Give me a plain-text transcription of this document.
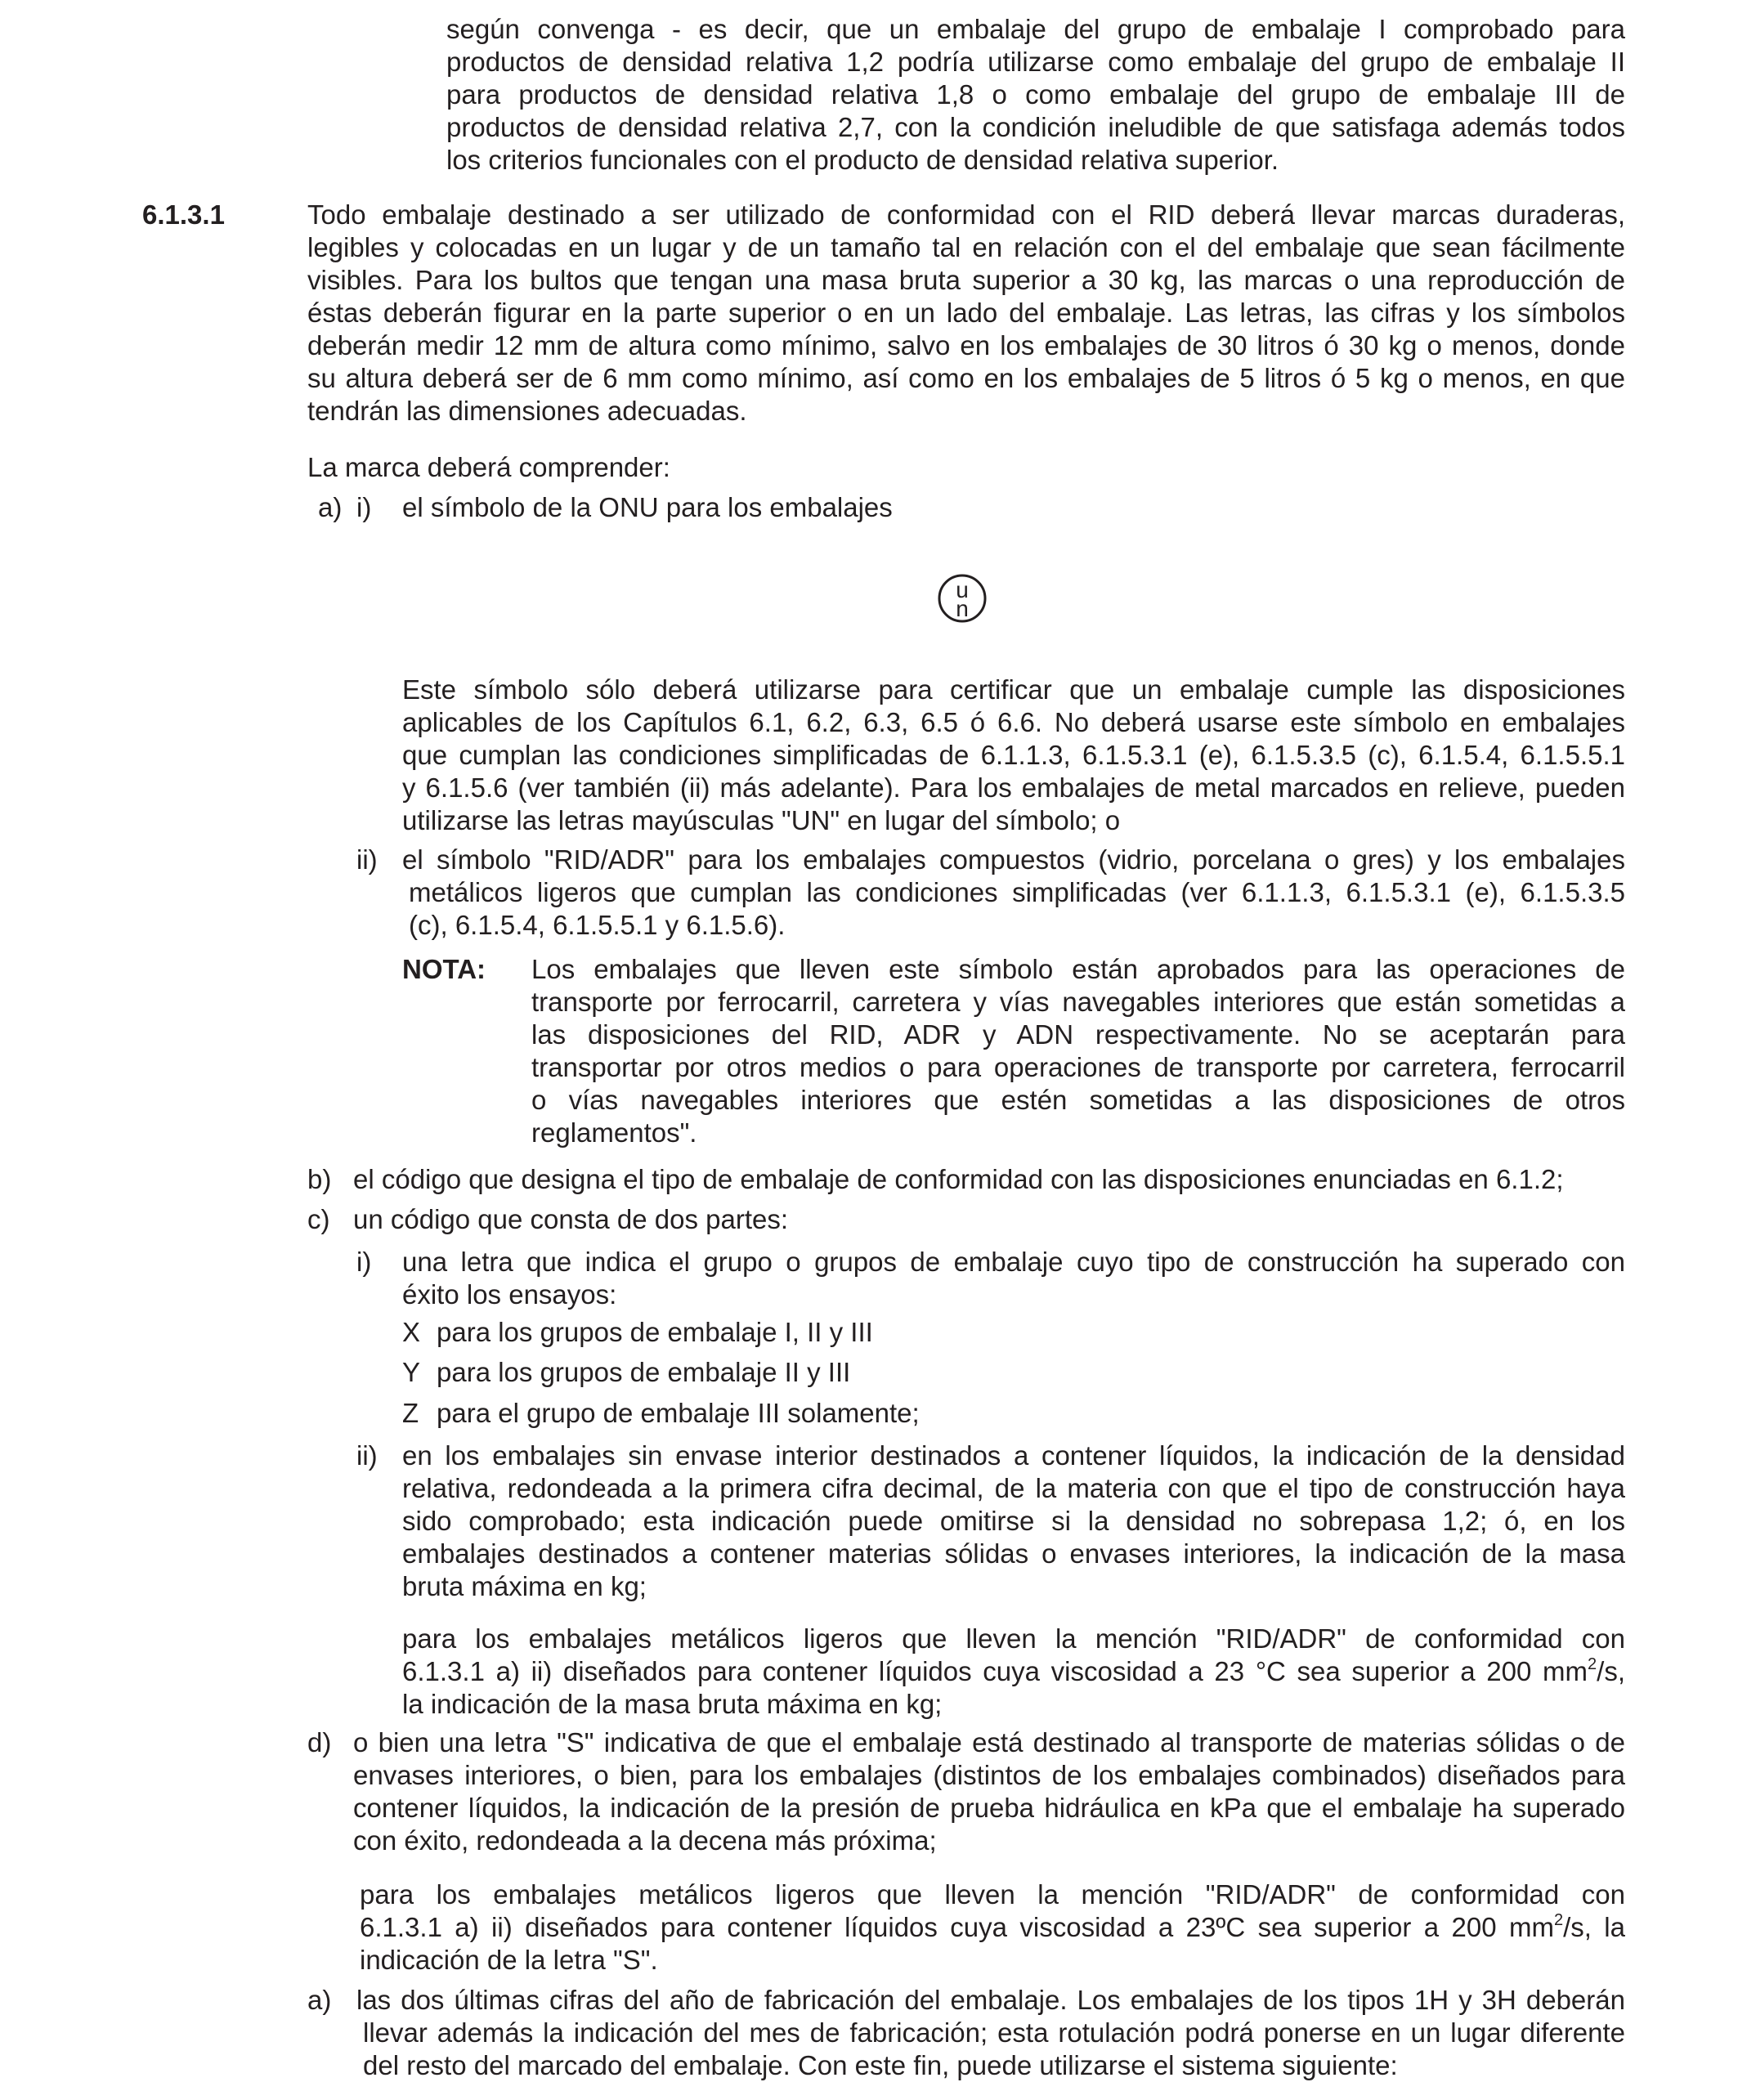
según convenga - es decir, que un embalaje del grupo de embalaje I comprobado para

productos de densidad relativa 1,2 podría utilizarse como embalaje del grupo de embalaje II

para productos de densidad relativa 1,8 o como embalaje del grupo de embalaje III de

productos de densidad relativa 2,7, con la condición ineludible de que satisfaga además todos

los criterios funcionales con el producto de densidad relativa superior.

6.1.3.1	Todo embalaje destinado a ser utilizado de conformidad con el RID deberá llevar marcas duraderas,

legibles y colocadas en un lugar y de un tamaño tal en relación con el del embalaje que sean fácilmente

visibles. Para los bultos que tengan una masa bruta superior a 30 kg, las marcas o una reproducción de

éstas deberán figurar en la parte superior o en un lado del embalaje. Las letras, las cifras y los símbolos

deberán medir 12 mm de altura como mínimo, salvo en los embalajes de 30 litros ó 30 kg o menos, donde

su altura deberá ser de 6 mm como mínimo, así como en los embalajes de 5 litros ó 5 kg o menos, en que

tendrán las dimensiones adecuadas.

La marca deberá comprender:
a) i) el símbolo de la ONU para los embalajes
u
n

Este símbolo sólo deberá utilizarse para certificar que un embalaje cumple las disposiciones

aplicables de los Capítulos 6.1, 6.2, 6.3, 6.5 ó 6.6. No deberá usarse este símbolo en embalajes

que cumplan las condiciones simplificadas de 6.1.1.3, 6.1.5.3.1 (e), 6.1.5.3.5 (c), 6.1.5.4, 6.1.5.5.1

y 6.1.5.6 (ver también (ii) más adelante). Para los embalajes de metal marcados en relieve, pueden

utilizarse las letras mayúsculas "UN" en lugar del símbolo; o

ii) el símbolo "RID/ADR" para los embalajes compuestos (vidrio, porcelana o gres) y los embalajes

metálicos ligeros que cumplan las condiciones simplificadas (ver 6.1.1.3, 6.1.5.3.1 (e), 6.1.5.3.5

(c), 6.1.5.4, 6.1.5.5.1 y 6.1.5.6).

NOTA: Los embalajes que lleven este símbolo están aprobados para las operaciones de

transporte por ferrocarril, carretera y vías navegables interiores que están sometidas a

las disposiciones del RID, ADR y ADN respectivamente. No se aceptarán para

transportar por otros medios o para operaciones de transporte por carretera, ferrocarril

o vías navegables interiores que estén sometidas a las disposiciones de otros

reglamentos".

b) el código que designa el tipo de embalaje de conformidad con las disposiciones enunciadas en 6.1.2;
c) un código que consta de dos partes:
i) una letra que indica el grupo o grupos de embalaje cuyo tipo de construcción ha superado con

éxito los ensayos:

X para los grupos de embalaje I, II y III
Y para los grupos de embalaje II y III
Z para el grupo de embalaje III solamente;
ii) en los embalajes sin envase interior destinados a contener líquidos, la indicación de la densidad

relativa, redondeada a la primera cifra decimal, de la materia con que el tipo de construcción haya

sido comprobado; esta indicación puede omitirse si la densidad no sobrepasa 1,2; ó, en los

embalajes destinados a contener materias sólidas o envases interiores, la indicación de la masa

bruta máxima en kg;

para los embalajes metálicos ligeros que lleven la mención "RID/ADR" de conformidad con

6.1.3.1 a) ii) diseñados para contener líquidos cuya viscosidad a 23 °C sea superior a 200 $mm^2/s$,

la indicación de la masa bruta máxima en kg;

d) o bien una letra "S" indicativa de que el embalaje está destinado al transporte de materias sólidas o de

envases interiores, o bien, para los embalajes (distintos de los embalajes combinados) diseñados para

contener líquidos, la indicación de la presión de prueba hidráulica en kPa que el embalaje ha superado

con éxito, redondeada a la decena más próxima;

para los embalajes metálicos ligeros que lleven la mención "RID/ADR" de conformidad con

6.1.3.1 a) ii) diseñados para contener líquidos cuya viscosidad a 23ºC sea superior a 200 $mm^2/s$, la

indicación de la letra "S".

a) las dos últimas cifras del año de fabricación del embalaje. Los embalajes de los tipos 1H y 3H deberán

llevar además la indicación del mes de fabricación; esta rotulación podrá ponerse en un lugar diferente

del resto del marcado del embalaje. Con este fin, puede utilizarse el sistema siguiente:
